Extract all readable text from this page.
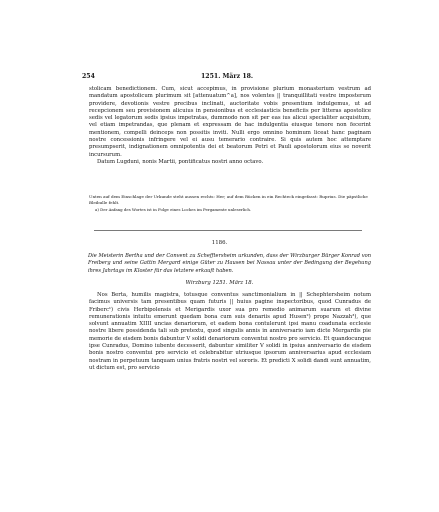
254	1251. März 18.

stolicam benedictionem. Cum, sicut accepimus, in provisione plurium monasterium vestrum ad mandatum apostolicum plurimum sit [attenuatum^a], nos volentes || tranquillitati vestre imposterum providere, devotionis vestre precibus inclinati, auctoritate vobis presentium indulgemus, ut ad recepcionem seu provisionem alicuius in pensionibus et ecclesiasticis beneficiis per litteras apostolice sedis vel legatorum sedis ipsius impetratas, dummodo non sit per eas ius alicui specialiter acquisitum, vel etiam impetrandas, que plenam et expressam de hac indulgentia eiusque tenore non fecerint mentionem, compelli deinceps non possitis inviti. Nulli ergo omnino hominum liceat hanc paginam nostre concessionis infringere vel ei ausu temerario contraire. Si quis autem hoc attemptare presumpserit, indignationem omnipotentis dei et beatorum Petri et Pauli apostolorum eius se noverit incursurum.

Datum Lugduni, nonis Martii, pontificatus nostri anno octavo.

Unten auf dem Einschlage der Urkunde steht aussen rechts: Her; auf dem Rücken in ein Rechteck eingefasst: Ruprius. Die päpstliche Bleibulle fehlt.
a) Der Anfang des Wortes ist in Folge eines Loches im Pergamente unleserlich.
1186.
Die Meisterin Bertha und der Convent zu Schefftersheim urkunden, dass der Wirzburger Bürger Konrad von Freiberg und seine Gattin Mergard einige Güter zu Hausen bei Nassau unter der Bedingung der Begehung ihres Jahrtags im Kloster für das letztere erkauft haben.
Wirzburg 1251. März 18.

Nos Berta, humilis magistra, totusque conventus sanctimonialium in || Schephtersheim notum facimus universis tam presentibus quam futuris || huius pagine inspectoribus, quod Cunradus de Friberc¹) civis Herbipolensis et Merigardis uxor sua pro remedio animarum suarum et divine remunerationis intuitu emerunt quedam bona cum suis denariis apud Husen²) prope Nazzah³), que solvunt annuatim XIIII uncias denariorum, et eadem bona contulerunt ipsi manu coadunata ecclesie nostre libere possidenda tali sub pretextu, quod singulis annis in anniversario iam dicte Mergardis pie memorie de eisdem bonis dabuntur V solidi denariorum conventui nostro pro servicio. Et quandocunque ipse Cunradus, Domino iubente decesserit, dabuntur similiter V solidi in ipsius anniversario de eisdem bonis nostro conventui pro servicio et celebrabitur utriusque ipsorum anniversarius apud ecclesiam nostram in perpetuum tanquam unius fratris nostri vel sororis. Et predicti X solidi dandi sunt annuatim, ut dictum est, pro servicio
